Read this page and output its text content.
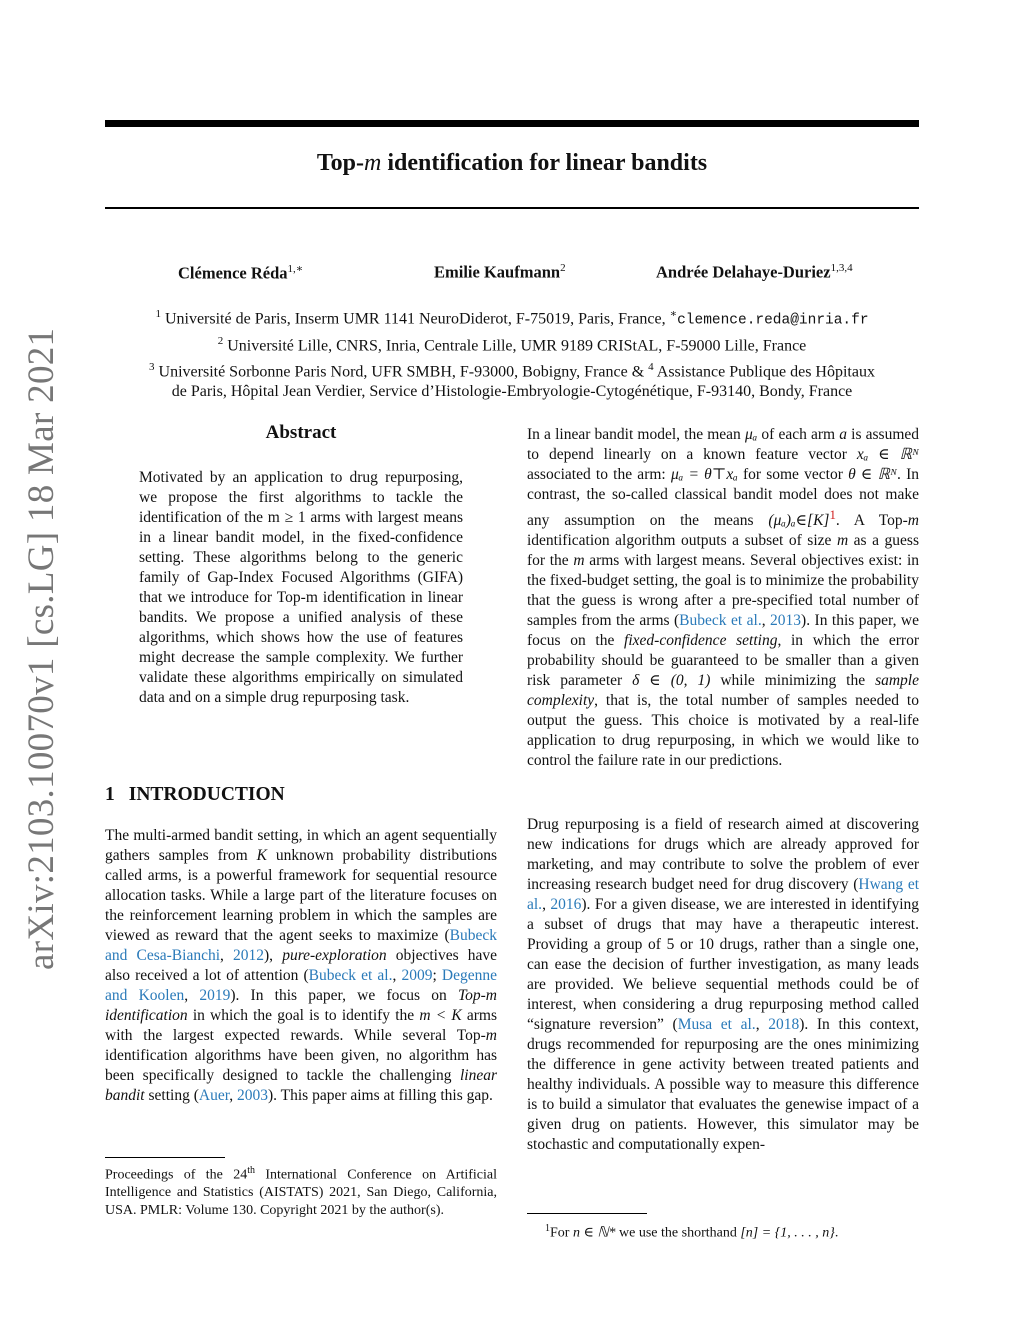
Top-m identification for linear bandits
Clémence Réda$^{1,∗}$	Emilie Kaufmann$^2$	Andrée Delahaye-Duriez$^{1,3,4}$
$^1$ Université de Paris, Inserm UMR 1141 NeuroDiderot, F-75019, Paris, France, ∗clemence.reda@inria.fr
$^2$ Université Lille, CNRS, Inria, Centrale Lille, UMR 9189 CRIStAL, F-59000 Lille, France
$^3$ Université Sorbonne Paris Nord, UFR SMBH, F-93000, Bobigny, France & $^4$ Assistance Publique des Hôpitaux
de Paris, Hôpital Jean Verdier, Service d’Histologie-Embryologie-Cytogénétique, F-93140, Bondy, France
arXiv:2103.10070v1 [cs.LG] 18 Mar 2021	Abstract
Motivated by an application to drug repurposing, we propose the first algorithms to tackle the identification of the m ≥ 1 arms with largest means in a linear bandit model, in the fixed-confidence setting. These algorithms belong to the generic family of Gap-Index Focused Algorithms (GIFA) that we introduce for Top-m identification in linear bandits. We propose a unified analysis of these algorithms, which shows how the use of features might decrease the sample complexity. We further validate these algorithms empirically on simulated data and on a simple drug repurposing task.
1 INTRODUCTION
The multi-armed bandit setting, in which an agent sequentially gathers samples from K unknown probability distributions called arms, is a powerful framework for sequential resource allocation tasks. While a large part of the literature focuses on the reinforcement learning problem in which the samples are viewed as reward that the agent seeks to maximize (Bubeck and Cesa-Bianchi, 2012), pure-exploration objectives have also received a lot of attention (Bubeck et al., 2009; Degenne and Koolen, 2019). In this paper, we focus on Top-m identification in which the goal is to identify the m < K arms with the largest expected rewards. While several Top-m identification algorithms have been given, no algorithm has been specifically designed to tackle the challenging linear bandit setting (Auer, 2003). This paper aims at filling this gap.
Proceedings of the 24th International Conference on Artificial Intelligence and Statistics (AISTATS) 2021, San Diego, California, USA. PMLR: Volume 130. Copyright 2021 by the author(s).
In a linear bandit model, the mean μₐ of each arm a is assumed to depend linearly on a known feature vector xₐ ∈ ℝᴺ associated to the arm: μₐ = θ⊤xₐ for some vector θ ∈ ℝᴺ. In contrast, the so-called classical bandit model does not make any assumption on the means $(\mu_a)_a\in[K]^1$. A Top-m identification algorithm outputs a subset of size m as a guess for the m arms with largest means. Several objectives exist: in the fixed-budget setting, the goal is to minimize the probability that the guess is wrong after a pre-specified total number of samples from the arms (Bubeck et al., 2013). In this paper, we focus on the fixed-confidence setting, in which the error probability should be guaranteed to be smaller than a given risk parameter δ ∈ (0, 1) while minimizing the sample complexity, that is, the total number of samples needed to output the guess. This choice is motivated by a real-life application to drug repurposing, in which we would like to control the failure rate in our predictions.
Drug repurposing is a field of research aimed at discovering new indications for drugs which are already approved for marketing, and may contribute to solve the problem of ever increasing research budget need for drug discovery (Hwang et al., 2016). For a given disease, we are interested in identifying a subset of drugs that may have a therapeutic interest. Providing a group of 5 or 10 drugs, rather than a single one, can ease the decision of further investigation, as many leads are provided. We believe sequential methods could be of interest, when considering a drug repurposing method called “signature reversion” (Musa et al., 2018). In this context, drugs recommended for repurposing are the ones minimizing the difference in gene activity between treated patients and healthy individuals. A possible way to measure this difference is to build a simulator that evaluates the genewise impact of a given drug on patients. However, this simulator may be stochastic and computationally expen-
$^1$For n ∈ ℕ* we use the shorthand [n] = {1, . . . , n}.
